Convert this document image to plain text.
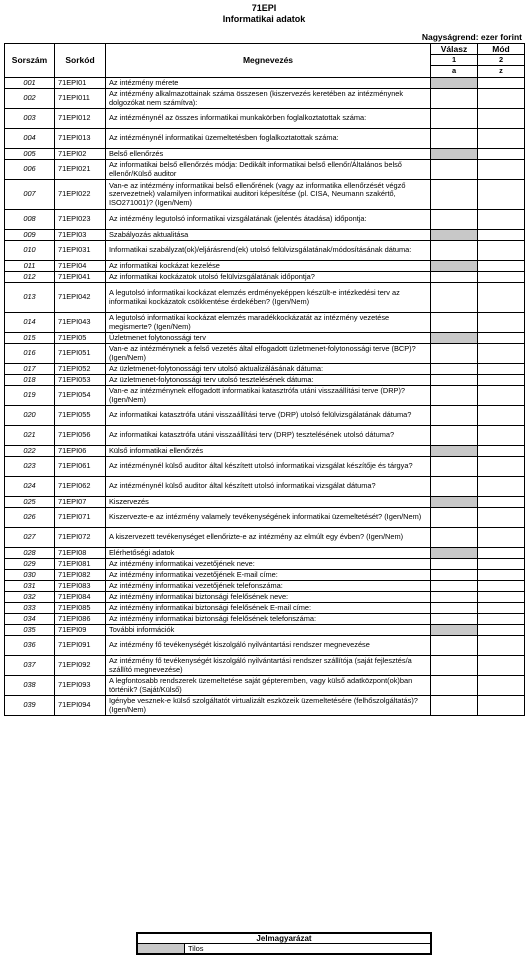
71EPI
Informatikai adatok
Nagyságrend: ezer forint
Sorszám	Sorkód	Megnevezés	Válasz	Mód
			1	2
			a	z
001	71EPI01	Az intézmény mérete		
002	71EPI011	Az intézmény alkalmazottainak száma összesen (kiszervezés keretében az intézménynek dolgozókat nem számítva):		
003	71EPI012	Az intézménynél az összes informatikai munkakörben foglalkoztatottak száma:		
004	71EPI013	Az intézménynél informatikai üzemeltetésben foglalkoztatottak száma:		
005	71EPI02	Belső ellenőrzés		
006	71EPI021	Az informatikai belső ellenőrzés módja: Dedikált informatikai belső ellenőr/Általános belső ellenőr/Külső auditor		
007	71EPI022	Van-e az intézmény informatikai belső ellenőrének (vagy az informatika ellenőrzését végző szervezetnek) valamilyen informatikai auditori képesítése (pl. CISA, Neumann szakértő, ISO271001)? (Igen/Nem)		
008	71EPI023	Az intézmény legutolsó informatikai vizsgálatának (jelentés átadása) időpontja:		
009	71EPI03	Szabályozás aktualitása		
010	71EPI031	Informatikai szabályzat(ok)/eljárásrend(ek) utolsó felülvizsgálatának/módosításának dátuma:		
011	71EPI04	Az informatikai kockázat kezelése		
012	71EPI041	Az informatikai kockázatok utolsó felülvizsgálatának időpontja?		
013	71EPI042	A legutolsó informatikai kockázat elemzés erdményeképpen készült-e intézkedési terv az informatikai kockázatok csökkentése érdekében? (Igen/Nem)		
014	71EPI043	A legutolsó informatikai kockázat elemzés maradékkockázatát az intézmény vezetése megismerte? (Igen/Nem)		
015	71EPI05	Üzletmenet folytonossági terv		
016	71EPI051	Van-e az intézménynek a felső vezetés által elfogadott üzletmenet-folytonossági terve (BCP)? (Igen/Nem)		
017	71EPI052	Az üzletmenet-folytonossági terv utolsó aktualizálásának dátuma:		
018	71EPI053	Az üzletmenet-folytonossági terv utolsó tesztelésének dátuma:		
019	71EPI054	Van-e az intézménynek elfogadott informatikai katasztrófa utáni visszaállítási terve (DRP)? (Igen/Nem)		
020	71EPI055	Az informatikai katasztrófa utáni visszaállítási terve (DRP) utolsó felülvizsgálatának dátuma?		
021	71EPI056	Az informatikai katasztrófa utáni visszaállítási terv (DRP) tesztelésének utolsó dátuma?		
022	71EPI06	Külső informatikai ellenőrzés		
023	71EPI061	Az intézménynél külső auditor által készített utolsó informatikai vizsgálat készítője és tárgya?		
024	71EPI062	Az intézménynél külső auditor által készített utolsó informatikai vizsgálat dátuma?		
025	71EPI07	Kiszervezés		
026	71EPI071	Kiszervezte-e az intézmény valamely tevékenységének informatikai üzemeltetését? (Igen/Nem)		
027	71EPI072	A kiszervezett tevékenységet ellenőrizte-e az intézmény az elmúlt egy évben? (Igen/Nem)		
028	71EPI08	Elérhetőségi adatok		
029	71EPI081	Az intézmény informatikai vezetőjének neve:		
030	71EPI082	Az intézmény informatikai vezetőjének E-mail címe:		
031	71EPI083	Az intézmény informatikai vezetőjének telefonszáma:		
032	71EPI084	Az intézmény informatikai biztonsági felelősének neve:		
033	71EPI085	Az intézmény informatikai biztonsági felelősének E-mail címe:		
034	71EPI086	Az intézmény informatikai biztonsági felelősének telefonszáma:		
035	71EPI09	További információk		
036	71EPI091	Az intézmény fő tevékenységét kiszolgáló nyilvántartási rendszer megnevezése		
037	71EPI092	Az intézmény fő tevékenységét kiszolgáló nyilvántartási rendszer szállítója (saját fejlesztés/a szállító megnevezése)		
038	71EPI093	A legfontosabb rendszerek üzemeltetése saját gépteremben, vagy külső adatközpont(ok)ban történik? (Saját/Külső)		
039	71EPI094	Igénybe vesznek-e külső szolgáltatót virtualizált eszközeik üzemeltetésére (felhőszolgáltatás)? (Igen/Nem)		
Jelmagyarázat
	Tilos
